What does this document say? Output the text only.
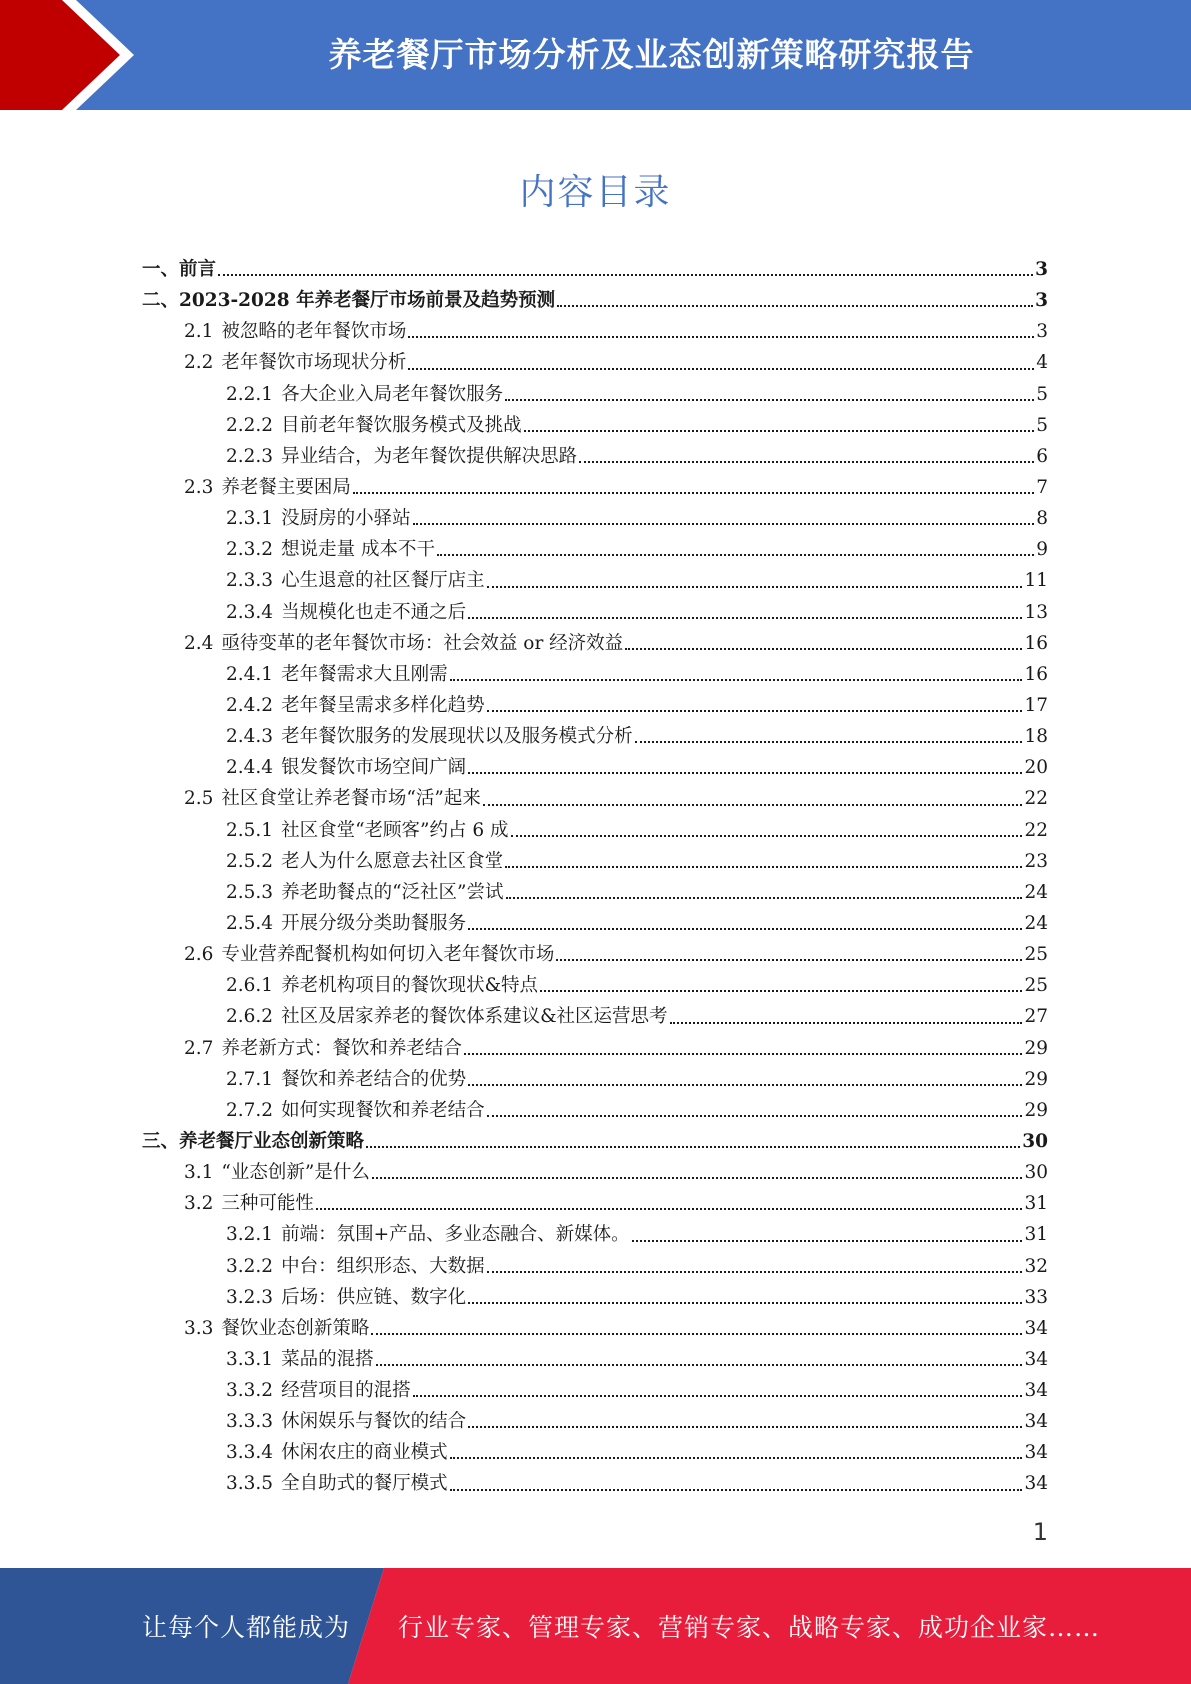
养老餐厅市场分析及业态创新策略研究报告
内容目录
一、 前言	3
二、 2023-2028 年养老餐厅市场前景及趋势预测	3
2.1 被忽略的老年餐饮市场	3
2.2 老年餐饮市场现状分析	4
2.2.1 各大企业入局老年餐饮服务	5
2.2.2 目前老年餐饮服务模式及挑战	5
2.2.3 异业结合，为老年餐饮提供解决思路	6
2.3 养老餐主要困局	7
2.3.1 没厨房的小驿站	8
2.3.2 想说走量 成本不干	9
2.3.3 心生退意的社区餐厅店主	11
2.3.4 当规模化也走不通之后	13
2.4 亟待变革的老年餐饮市场：社会效益 or 经济效益	16
2.4.1 老年餐需求大且刚需	16
2.4.2 老年餐呈需求多样化趋势	17
2.4.3 老年餐饮服务的发展现状以及服务模式分析	18
2.4.4 银发餐饮市场空间广阔	20
2.5 社区食堂让养老餐市场“活”起来	22
2.5.1 社区食堂“老顾客”约占 6 成	22
2.5.2 老人为什么愿意去社区食堂	23
2.5.3 养老助餐点的“泛社区”尝试	24
2.5.4 开展分级分类助餐服务	24
2.6 专业营养配餐机构如何切入老年餐饮市场	25
2.6.1 养老机构项目的餐饮现状&特点	25
2.6.2 社区及居家养老的餐饮体系建议&社区运营思考	27
2.7 养老新方式：餐饮和养老结合	29
2.7.1 餐饮和养老结合的优势	29
2.7.2 如何实现餐饮和养老结合	29
三、 养老餐厅业态创新策略	30
3.1 “业态创新”是什么	30
3.2 三种可能性	31
3.2.1 前端：氛围+产品、多业态融合、新媒体。	31
3.2.2 中台：组织形态、大数据	32
3.2.3 后场：供应链、数字化	33
3.3 餐饮业态创新策略	34
3.3.1 菜品的混搭	34
3.3.2 经营项目的混搭	34
3.3.3 休闲娱乐与餐饮的结合	34
3.3.4 休闲农庄的商业模式	34
3.3.5 全自助式的餐厅模式	34
1
让每个人都能成为 行业专家、管理专家、营销专家、战略专家、成功企业家……
